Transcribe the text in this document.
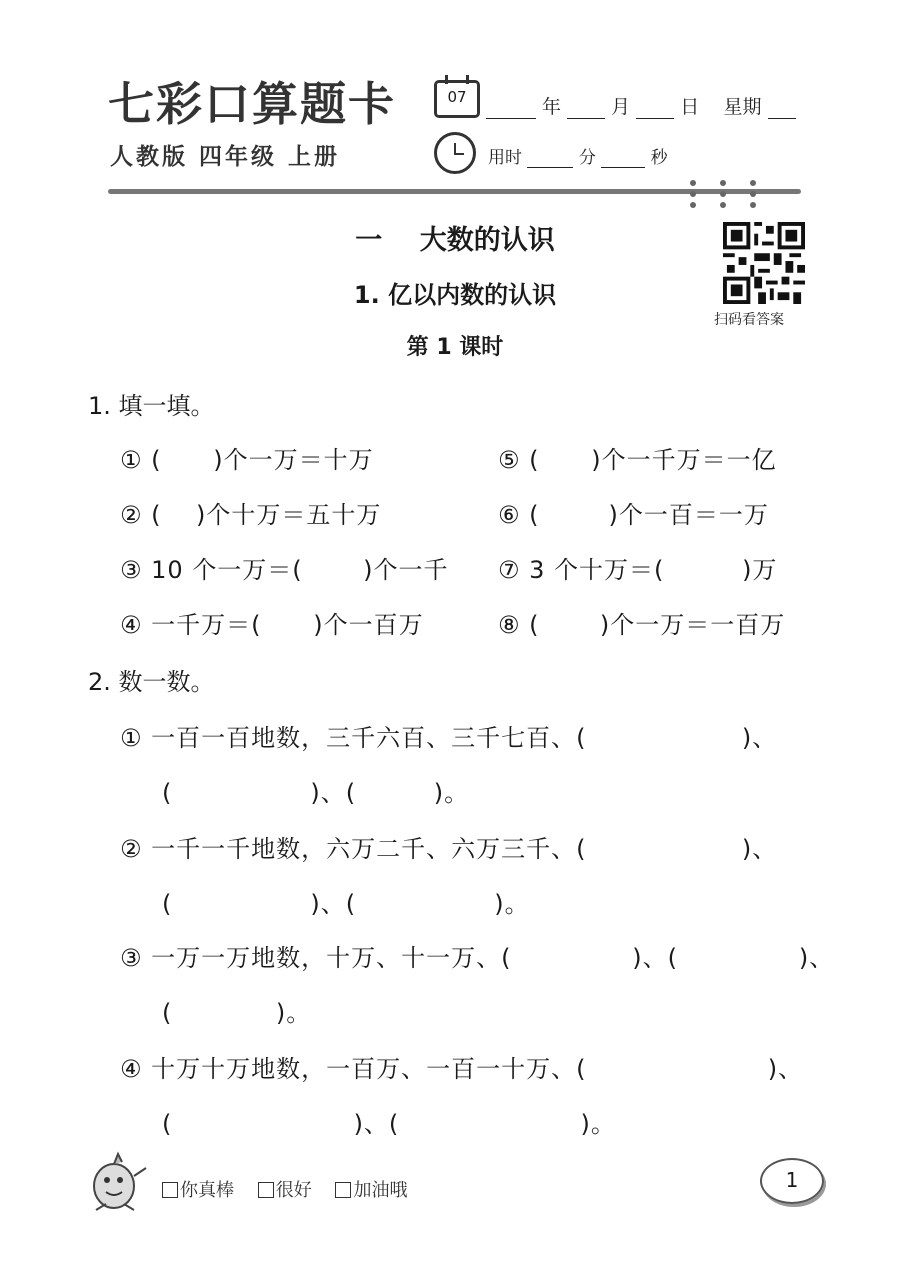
七彩口算题卡
人教版 四年级 上册
07	年	月	日 星期
用时	分	秒
一    大数的认识
1. 亿以内数的认识
第 1 课时
扫码看答案
1. 填一填。
① (      )个一万＝十万	⑤ (      )个一千万＝一亿
② (    )个十万＝五十万	⑥ (        )个一百＝一万
③ 10 个一万＝(       )个一千 ⑦ 3 个十万＝(         )万
④ 一千万＝(      )个一百万	⑧ (       )个一万＝一百万
2. 数一数。
① 一百一百地数，三千六百、三千七百、(                  )、
(                )、(         )。
② 一千一千地数，六万二千、六万三千、(                  )、
(                )、(                )。
③ 一万一万地数，十万、十一万、(              )、(              )、
(            )。
④ 十万十万地数，一百万、一百一十万、(                     )、
(                     )、(                     )。
你真棒 很好 加油哦	1
